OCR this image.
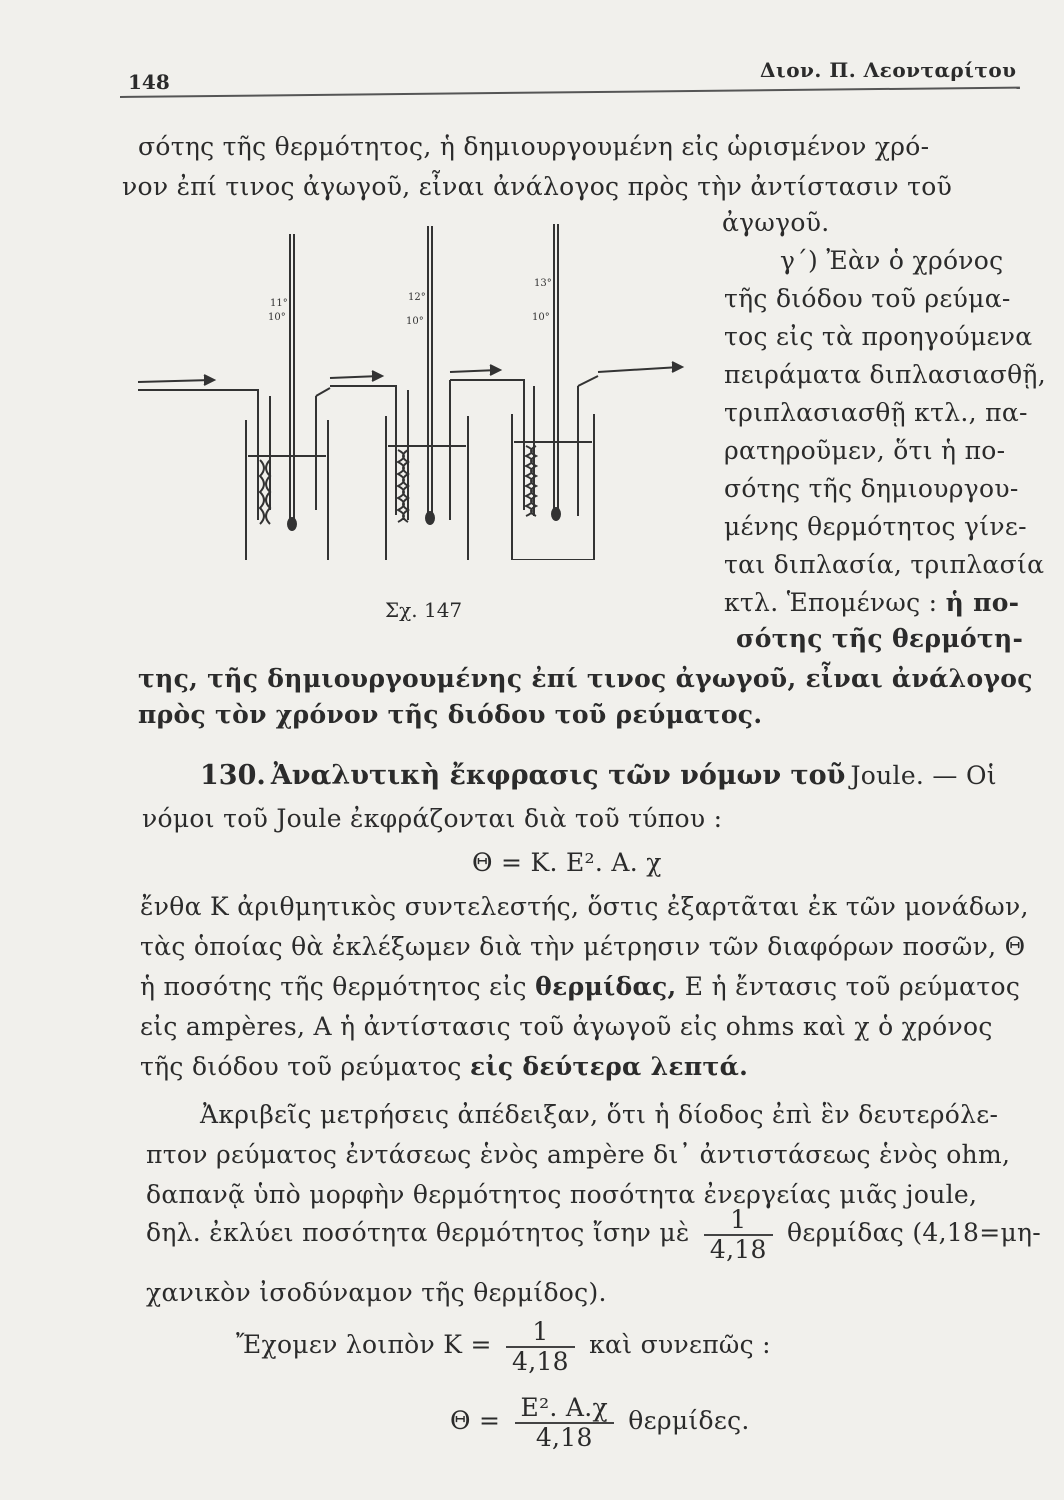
148	Διον. Π. Λεονταρίτου
σότης τῆς θερμότητος, ἡ δημιουργουμένη εἰς ὡρισμένον χρό-
νον ἐπί τινος ἀγωγοῦ, εἶναι ἀνάλογος πρὸς τὴν ἀντίστασιν τοῦ
ἀγωγοῦ.
11°
10°
12°
10°
13°
10°
Σχ. 147
γ΄) Ἐὰν ὁ χρόνος
τῆς διόδου τοῦ ρεύμα-
τος εἰς τὰ προηγούμενα
πειράματα διπλασιασθῇ,
τριπλασιασθῇ κτλ., πα-
ρατηροῦμεν, ὅτι ἡ πο-
σότης τῆς δημιουργου-
μένης θερμότητος γίνε-
ται διπλασία, τριπλασία
κτλ. Ἑπομένως : ἡ πο-
σότης τῆς θερμότη-
της, τῆς δημιουργουμένης ἐπί τινος ἀγωγοῦ, εἶναι ἀνάλογος
πρὸς τὸν χρόνον τῆς διόδου τοῦ ρεύματος.
130. Ἀναλυτικὴ ἔκφρασις τῶν νόμων τοῦ Joule. — Οἱ
νόμοι τοῦ Joule ἐκφράζονται διὰ τοῦ τύπου :
Θ = Κ. Ε². Α. χ
ἔνθα Κ ἀριθμητικὸς συντελεστής, ὅστις ἐξαρτᾶται ἐκ τῶν μονάδων,
τὰς ὁποίας θὰ ἐκλέξωμεν διὰ τὴν μέτρησιν τῶν διαφόρων ποσῶν, Θ
ἡ ποσότης τῆς θερμότητος εἰς θερμίδας, Ε ἡ ἔντασις τοῦ ρεύματος
εἰς ampères, Α ἡ ἀντίστασις τοῦ ἀγωγοῦ εἰς ohms καὶ χ ὁ χρόνος
τῆς διόδου τοῦ ρεύματος εἰς δεύτερα λεπτά.
Ἀκριβεῖς μετρήσεις ἀπέδειξαν, ὅτι ἡ δίοδος ἐπὶ ἓν δευτερόλε-
πτον ρεύματος ἐντάσεως ἑνὸς ampère δι᾽ ἀντιστάσεως ἑνὸς ohm,
δαπανᾷ ὑπὸ μορφὴν θερμότητος ποσότητα ἐνεργείας μιᾶς joule,
δηλ. ἐκλύει ποσότητα θερμότητος ἴσην μὲ $\frac{1}{4,18}$ θερμίδας (4,18=μη-
χανικὸν ἰσοδύναμον τῆς θερμίδος).
Ἔχομεν λοιπὸν $K = \frac{1}{4,18}$ καὶ συνεπῶς :
$\Theta = \frac{\text{Ε². Α.χ}}{4,18} \theta\varepsilon\rho\mu ί\delta\varepsilon\varsigma$.
